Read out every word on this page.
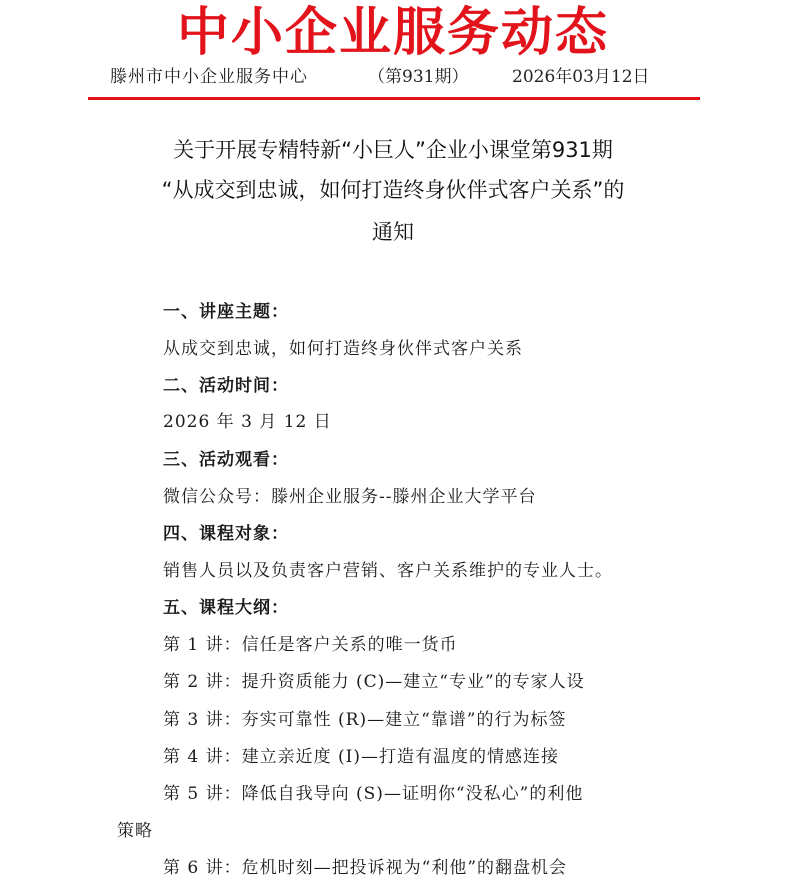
中小企业服务动态
滕州市中小企业服务中心	（第931期）	2026年03月12日
关于开展专精特新“小巨人”企业小课堂第931期
“从成交到忠诚，如何打造终身伙伴式客户关系”的
通知
一、讲座主题：
从成交到忠诚，如何打造终身伙伴式客户关系
二、活动时间：
2026 年 3 月 12 日
三、活动观看：
微信公众号：滕州企业服务--滕州企业大学平台
四、课程对象：
销售人员以及负责客户营销、客户关系维护的专业人士。
五、课程大纲：
第 1 讲：信任是客户关系的唯一货币
第 2 讲：提升资质能力 (C)—建立“专业”的专家人设
第 3 讲：夯实可靠性 (R)—建立“靠谱”的行为标签
第 4 讲：建立亲近度 (I)—打造有温度的情感连接
第 5 讲：降低自我导向 (S)—证明你“没私心”的利他
策略
第 6 讲：危机时刻—把投诉视为“利他”的翻盘机会
